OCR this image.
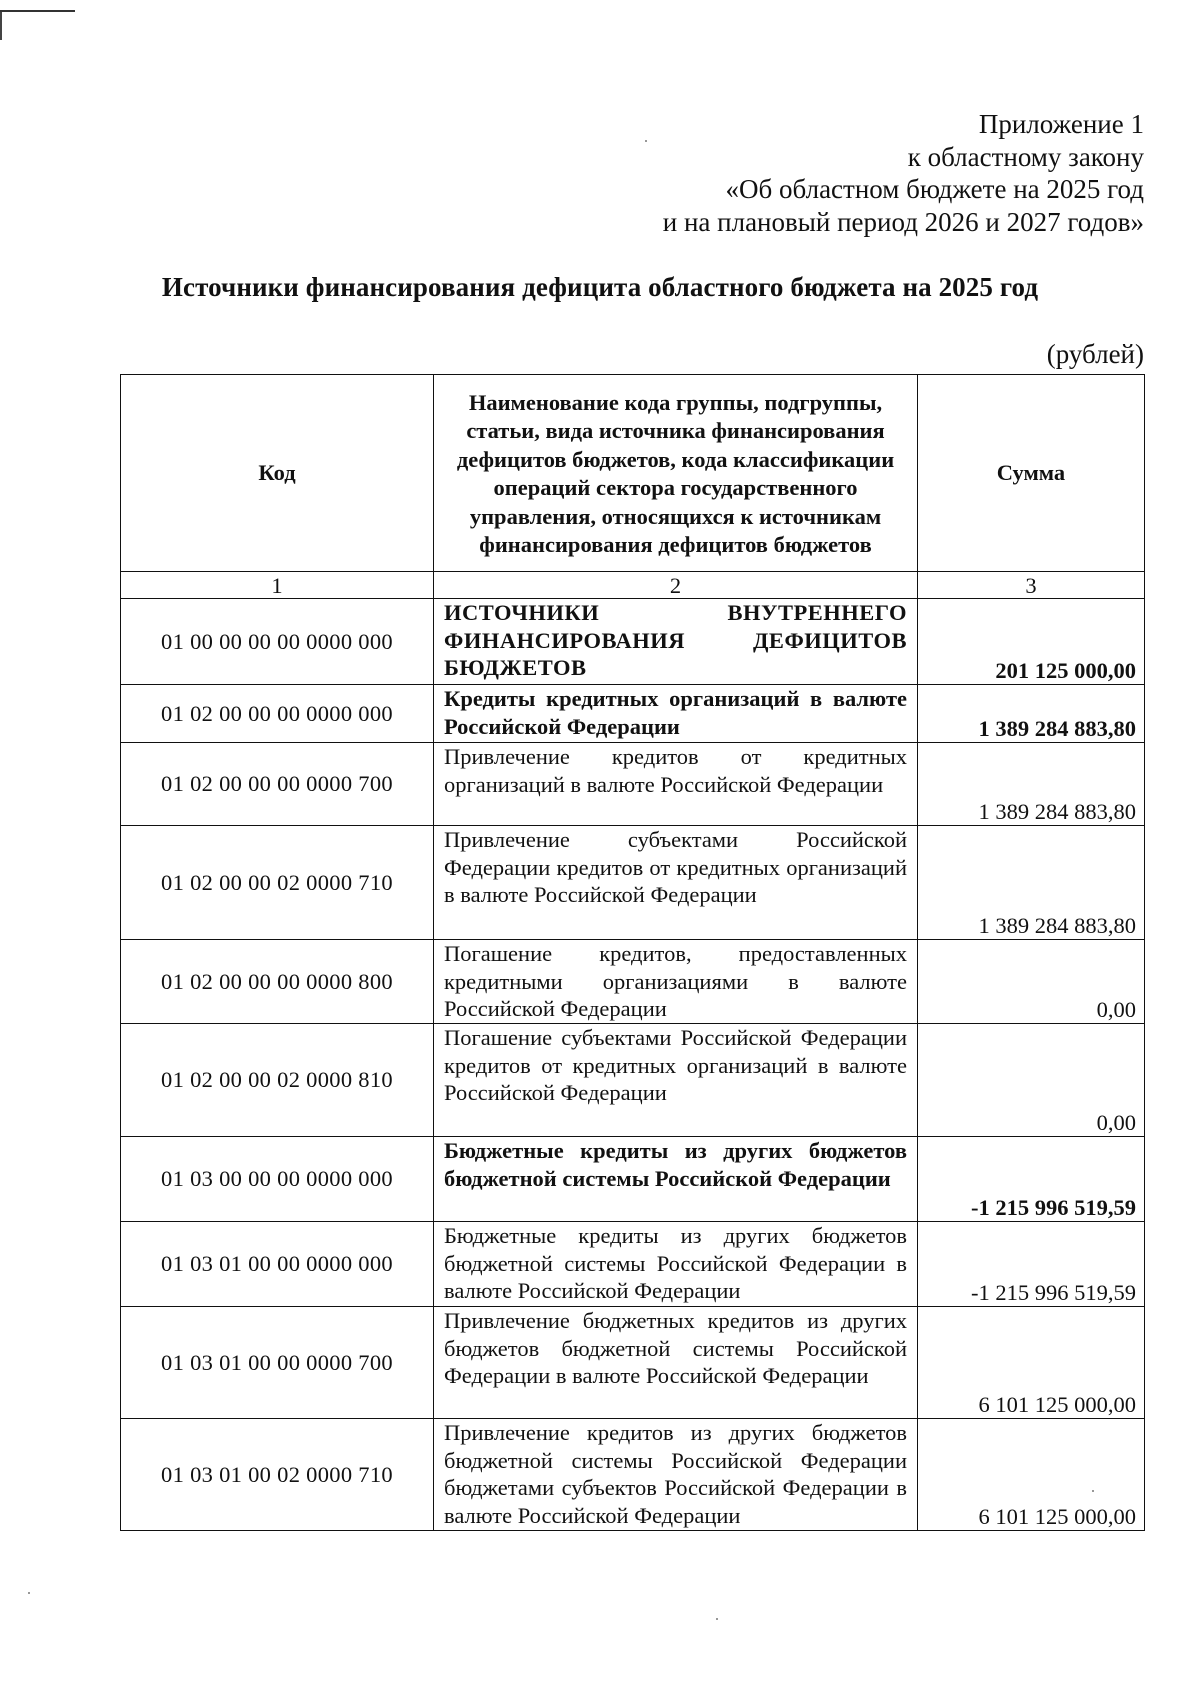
Приложение 1
к областному закону
«Об областном бюджете на 2025 год
и на плановый период 2026 и 2027 годов»
Источники финансирования дефицита областного бюджета на 2025 год
(рублей)
Код	Наименование кода группы, подгруппы, статьи, вида источника финансирования дефицитов бюджетов, кода классификации операций сектора государственного управления, относящихся к источникам финансирования дефицитов бюджетов	Сумма
1	2	3
01 00 00 00 00 0000 000	ИСТОЧНИКИ ВНУТРЕННЕГО ФИНАНСИРОВАНИЯ ДЕФИЦИТОВ БЮДЖЕТОВ	201 125 000,00
01 02 00 00 00 0000 000	Кредиты кредитных организаций в валюте Российской Федерации	1 389 284 883,80
01 02 00 00 00 0000 700	Привлечение кредитов от кредитных организаций в валюте Российской Федерации	1 389 284 883,80
01 02 00 00 02 0000 710	Привлечение субъектами Российской Федерации кредитов от кредитных организаций в валюте Российской Федерации	1 389 284 883,80
01 02 00 00 00 0000 800	Погашение кредитов, предоставленных кредитными организациями в валюте Российской Федерации	0,00
01 02 00 00 02 0000 810	Погашение субъектами Российской Федерации кредитов от кредитных организаций в валюте Российской Федерации	0,00
01 03 00 00 00 0000 000	Бюджетные кредиты из других бюджетов бюджетной системы Российской Федерации	-1 215 996 519,59
01 03 01 00 00 0000 000	Бюджетные кредиты из других бюджетов бюджетной системы Российской Федерации в валюте Российской Федерации	-1 215 996 519,59
01 03 01 00 00 0000 700	Привлечение бюджетных кредитов из других бюджетов бюджетной системы Российской Федерации в валюте Российской Федерации	6 101 125 000,00
01 03 01 00 02 0000 710	Привлечение кредитов из других бюджетов бюджетной системы Российской Федерации бюджетами субъектов Российской Федерации в валюте Российской Федерации	6 101 125 000,00
